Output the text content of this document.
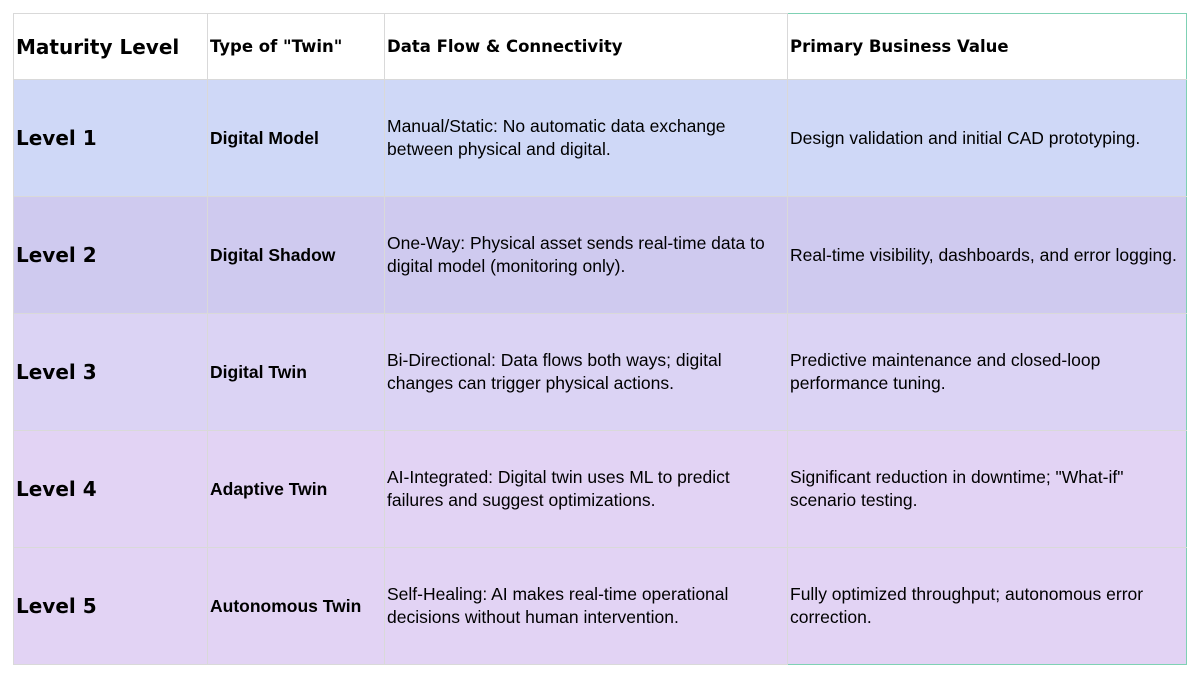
Maturity Level	Type of "Twin"	Data Flow & Connectivity	Primary Business Value
Level 1	Digital Model	Manual/Static: No automatic data exchange between physical and digital.	Design validation and initial CAD prototyping.
Level 2	Digital Shadow	One-Way: Physical asset sends real-time data to digital model (monitoring only).	Real-time visibility, dashboards, and error logging.
Level 3	Digital Twin	Bi-Directional: Data flows both ways; digital changes can trigger physical actions.	Predictive maintenance and closed-loop performance tuning.
Level 4	Adaptive Twin	AI-Integrated: Digital twin uses ML to predict failures and suggest optimizations.	Significant reduction in downtime; "What-if" scenario testing.
Level 5	Autonomous Twin	Self-Healing: AI makes real-time operational decisions without human intervention.	Fully optimized throughput; autonomous error correction.
